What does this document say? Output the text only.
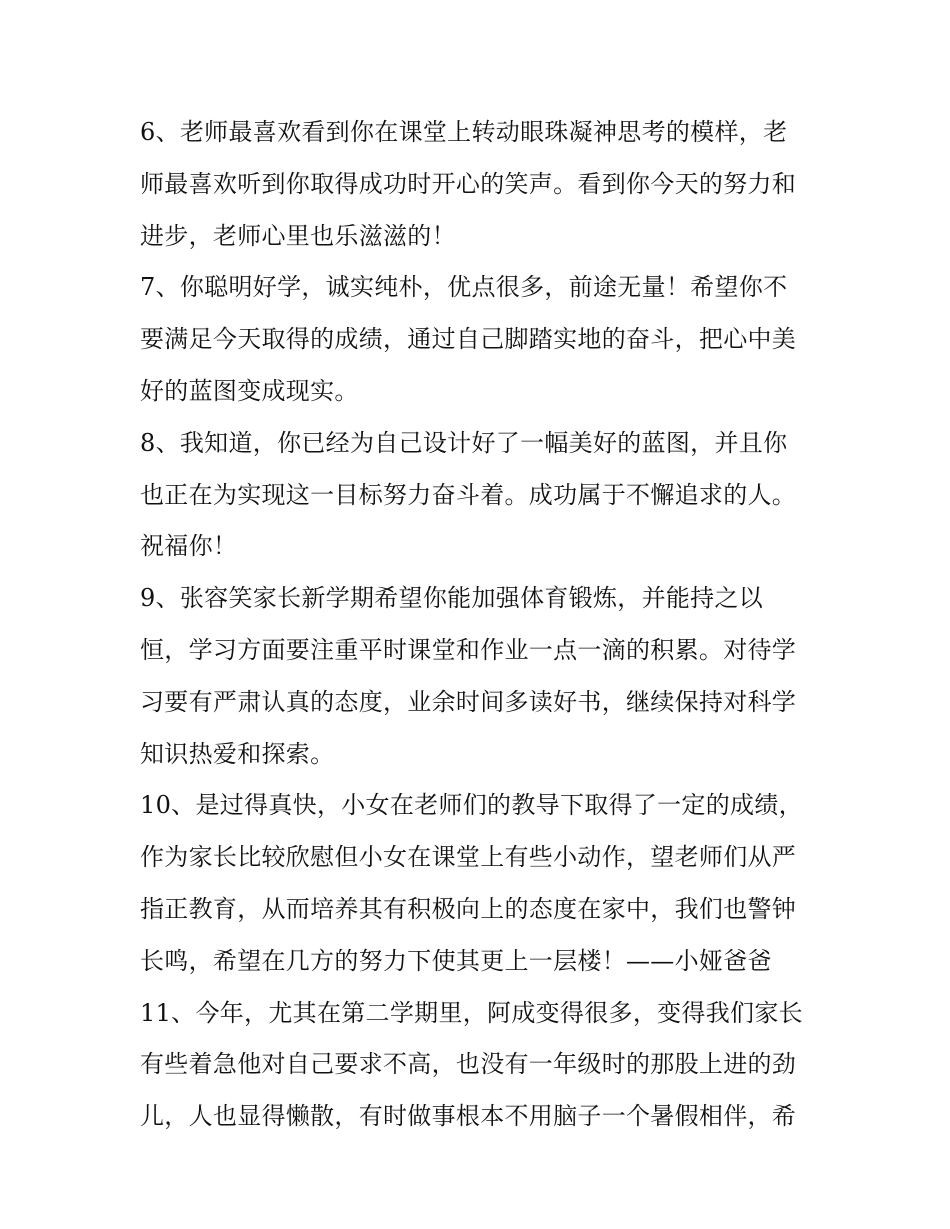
6、老师最喜欢看到你在课堂上转动眼珠凝神思考的模样，老
师最喜欢听到你取得成功时开心的笑声。看到你今天的努力和
进步，老师心里也乐滋滋的！
7、你聪明好学，诚实纯朴，优点很多，前途无量！希望你不
要满足今天取得的成绩，通过自己脚踏实地的奋斗，把心中美
好的蓝图变成现实。
8、我知道，你已经为自己设计好了一幅美好的蓝图，并且你
也正在为实现这一目标努力奋斗着。成功属于不懈追求的人。
祝福你！
9、张容笑家长新学期希望你能加强体育锻炼，并能持之以
恒，学习方面要注重平时课堂和作业一点一滴的积累。对待学
习要有严肃认真的态度，业余时间多读好书，继续保持对科学
知识热爱和探索。
10、是过得真快，小女在老师们的教导下取得了一定的成绩，
作为家长比较欣慰但小女在课堂上有些小动作，望老师们从严
指正教育，从而培养其有积极向上的态度在家中，我们也警钟
长鸣，希望在几方的努力下使其更上一层楼！——小娅爸爸
11、今年，尤其在第二学期里，阿成变得很多，变得我们家长
有些着急他对自己要求不高，也没有一年级时的那股上进的劲
儿，人也显得懒散，有时做事根本不用脑子一个暑假相伴，希
